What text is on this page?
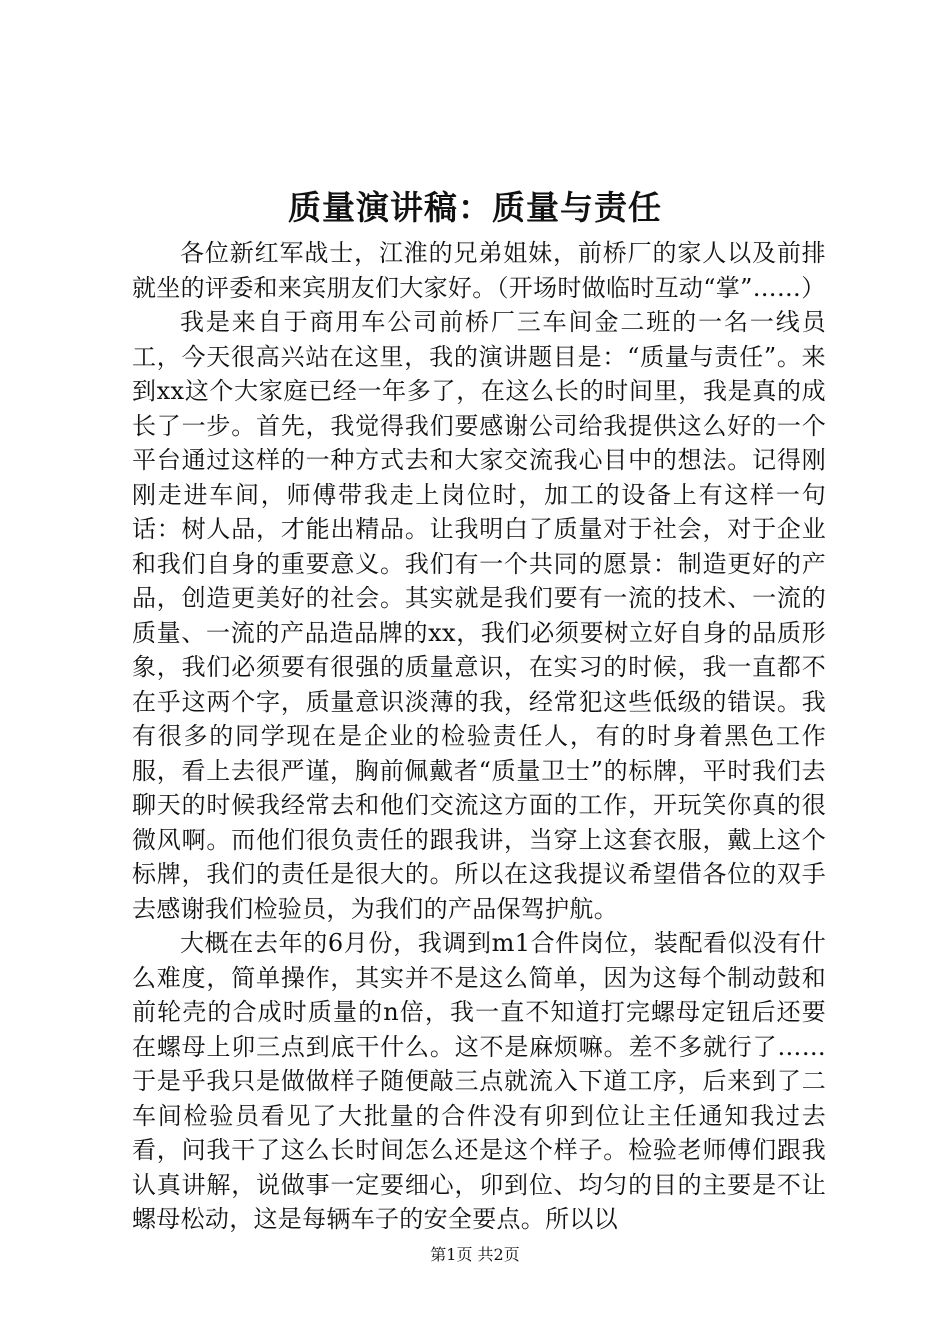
质量演讲稿：质量与责任

各位新红军战士，江淮的兄弟姐妹，前桥厂的家人以及前排就坐的评委和来宾朋友们大家好。（开场时做临时互动“掌”……）

我是来自于商用车公司前桥厂三车间金二班的一名一线员工，今天很高兴站在这里，我的演讲题目是：“质量与责任”。来到xx这个大家庭已经一年多了，在这么长的时间里，我是真的成长了一步。首先，我觉得我们要感谢公司给我提供这么好的一个平台通过这样的一种方式去和大家交流我心目中的想法。记得刚刚走进车间，师傅带我走上岗位时，加工的设备上有这样一句话：树人品，才能出精品。让我明白了质量对于社会，对于企业和我们自身的重要意义。我们有一个共同的愿景：制造更好的产品，创造更美好的社会。其实就是我们要有一流的技术、一流的质量、一流的产品造品牌的xx，我们必须要树立好自身的品质形象，我们必须要有很强的质量意识，在实习的时候，我一直都不在乎这两个字，质量意识淡薄的我，经常犯这些低级的错误。我有很多的同学现在是企业的检验责任人，有的时身着黑色工作服，看上去很严谨，胸前佩戴者“质量卫士”的标牌，平时我们去聊天的时候我经常去和他们交流这方面的工作，开玩笑你真的很微风啊。而他们很负责任的跟我讲，当穿上这套衣服，戴上这个标牌，我们的责任是很大的。所以在这我提议希望借各位的双手去感谢我们检验员，为我们的产品保驾护航。

大概在去年的6月份，我调到m1合件岗位，装配看似没有什么难度，简单操作，其实并不是这么简单，因为这每个制动鼓和前轮壳的合成时质量的n倍，我一直不知道打完螺母定钮后还要在螺母上卯三点到底干什么。这不是麻烦嘛。差不多就行了……于是乎我只是做做样子随便敲三点就流入下道工序，后来到了二车间检验员看见了大批量的合件没有卯到位让主任通知我过去看，问我干了这么长时间怎么还是这个样子。检验老师傅们跟我认真讲解，说做事一定要细心，卯到位、均匀的目的主要是不让螺母松动，这是每辆车子的安全要点。所以以

第1页 共2页
